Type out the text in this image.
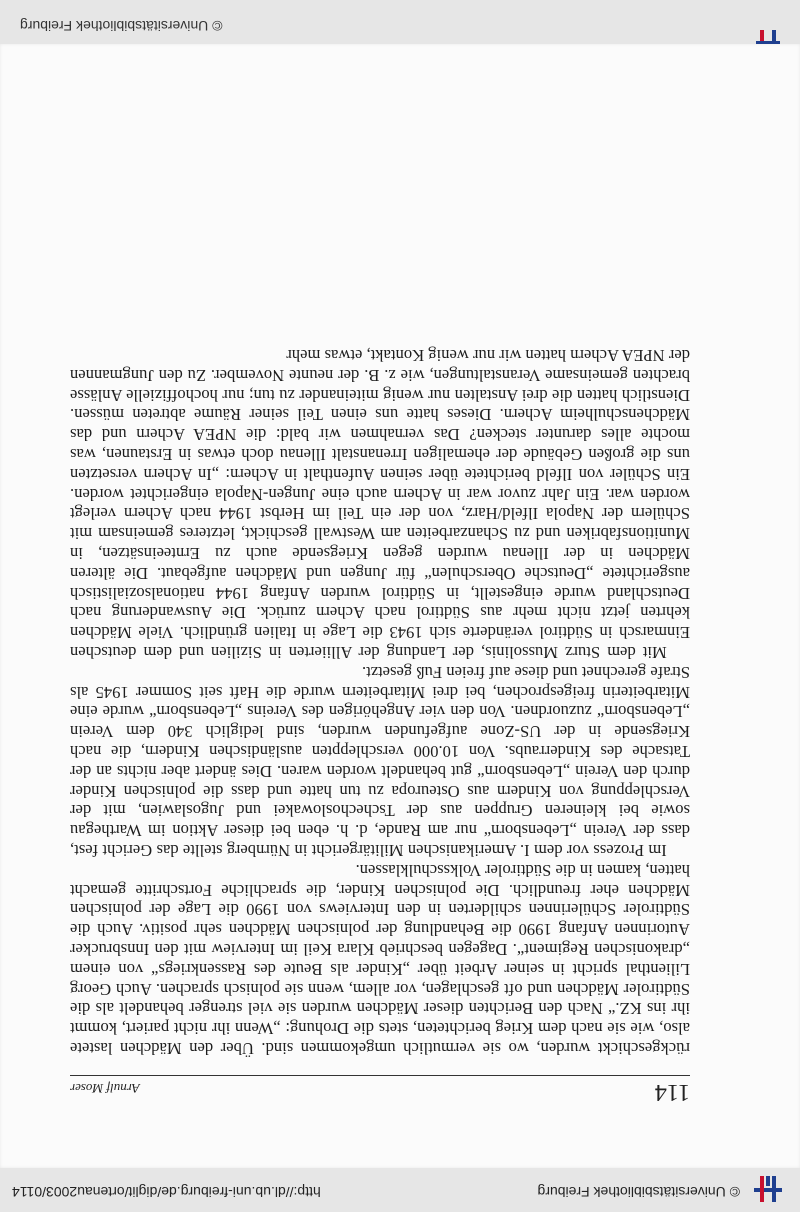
© Universitätsbibliothek Freiburg
http://dl.ub.uni-freiburg.de/diglit/ortenau2003/0114
114
Arnulf Moser

rückgeschickt wurden, wo sie vermutlich umgekommen sind. Über den Mädchen lastete also, wie sie nach dem Krieg berichteten, stets die Drohung: „Wenn ihr nicht pariert, kommt ihr ins KZ.“ Nach den Berichten dieser Mädchen wurden sie viel strenger behandelt als die Südtiroler Mädchen und oft geschlagen, vor allem, wenn sie polnisch sprachen. Auch Georg Lilienthal spricht in seiner Arbeit über „Kinder als Beute des Rassenkriegs“ von einem „drakonischen Regiment“. Dagegen beschrieb Klara Keil im Interview mit den Innsbrucker Autorinnen Anfang 1990 die Behandlung der polnischen Mädchen sehr positiv. Auch die Südtiroler Schülerinnen schilderten in den Interviews von 1990 die Lage der polnischen Mädchen eher freundlich. Die polnischen Kinder, die sprachliche Fortschritte gemacht hatten, kamen in die Südtiroler Volksschulklassen.

Im Prozess vor dem I. Amerikanischen Militärgericht in Nürnberg stellte das Gericht fest, dass der Verein „Lebensborn“ nur am Rande, d. h. eben bei dieser Aktion im Warthegau sowie bei kleineren Gruppen aus der Tschechoslowakei und Jugoslawien, mit der Verschleppung von Kindern aus Osteuropa zu tun hatte und dass die polnischen Kinder durch den Verein „Lebensborn“ gut behandelt worden waren. Dies ändert aber nichts an der Tatsache des Kinderraubs. Von 10.000 verschleppten ausländischen Kindern, die nach Kriegsende in der US-Zone aufgefunden wurden, sind lediglich 340 dem Verein „Lebensborn“ zuzuordnen. Von den vier Angehörigen des Vereins „Lebensborn“ wurde eine Mitarbeiterin freigesprochen, bei drei Mitarbeitern wurde die Haft seit Sommer 1945 als Strafe gerechnet und diese auf freien Fuß gesetzt.

Mit dem Sturz Mussolinis, der Landung der Alliierten in Sizilien und dem deutschen Einmarsch in Südtirol veränderte sich 1943 die Lage in Italien gründlich. Viele Mädchen kehrten jetzt nicht mehr aus Südtirol nach Achern zurück. Die Auswanderung nach Deutschland wurde eingestellt, in Südtirol wurden Anfang 1944 nationalsozialistisch ausgerichtete „Deutsche Oberschulen“ für Jungen und Mädchen aufgebaut. Die älteren Mädchen in der Illenau wurden gegen Kriegsende auch zu Ernteeinsätzen, in Munitionsfabriken und zu Schanzarbeiten am Westwall geschickt, letzteres gemeinsam mit Schülern der Napola Ilfeld/Harz, von der ein Teil im Herbst 1944 nach Achern verlegt worden war. Ein Jahr zuvor war in Achern auch eine Jungen-Napola eingerichtet worden. Ein Schüler von Ilfeld berichtete über seinen Aufenthalt in Achern: „In Achern versetzten uns die großen Gebäude der ehemaligen Irrenanstalt Illenau doch etwas in Erstaunen, was mochte alles darunter stecken? Das vernahmen wir bald: die NPEA Achern und das Mädchenschulheim Achern. Dieses hatte uns einen Teil seiner Räume abtreten müssen. Dienstlich hatten die drei Anstalten nur wenig miteinander zu tun; nur hochoffizielle Anlässe brachten gemeinsame Veranstaltungen, wie z. B. der neunte November. Zu den Jungmannen der NPEA Achern hatten wir nur wenig Kontakt, etwas mehr

© Universitätsbibliothek Freiburg
